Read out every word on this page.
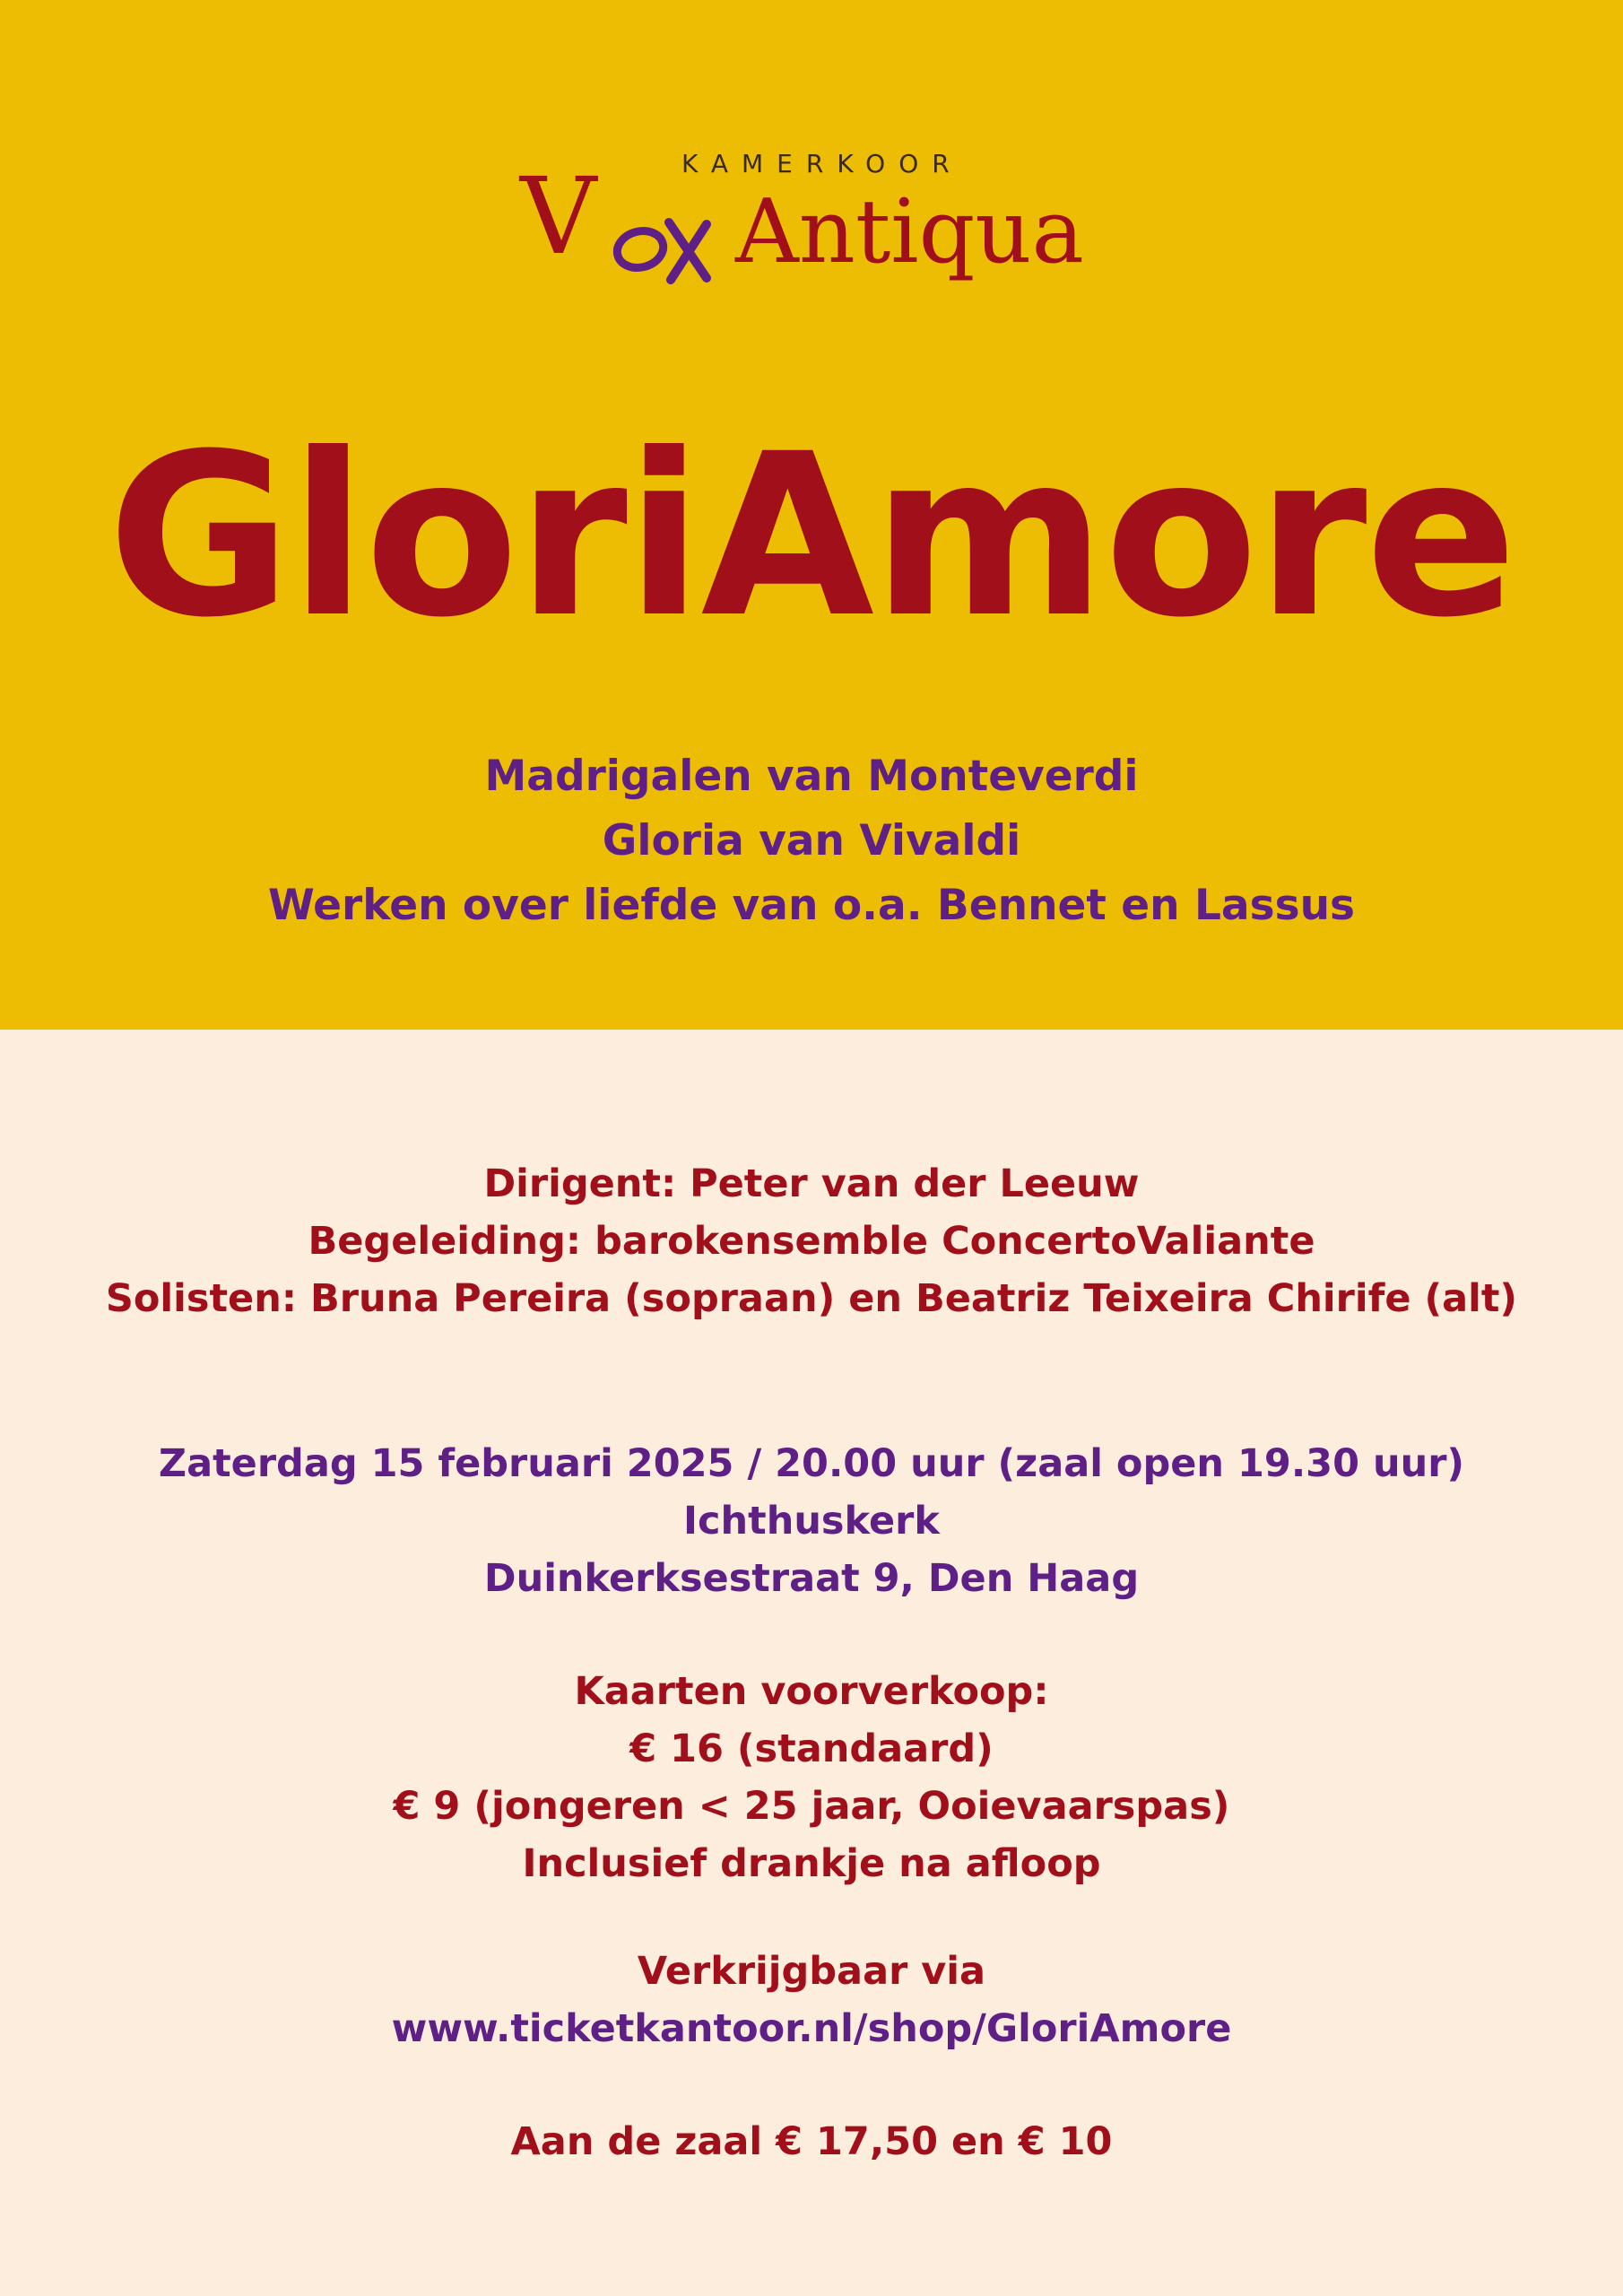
KAMERKOOR
V Antiqua
GloriAmore
Madrigalen van Monteverdi
Gloria van Vivaldi
Werken over liefde van o.a. Bennet en Lassus
Dirigent: Peter van der Leeuw
Begeleiding: barokensemble ConcertoValiante
Solisten: Bruna Pereira (sopraan) en Beatriz Teixeira Chirife (alt)
Zaterdag 15 februari 2025 / 20.00 uur (zaal open 19.30 uur)
Ichthuskerk
Duinkerksestraat 9, Den Haag
Kaarten voorverkoop:
€ 16 (standaard)
€ 9 (jongeren < 25 jaar, Ooievaarspas)
Inclusief drankje na afloop
Verkrijgbaar via
www.ticketkantoor.nl/shop/GloriAmore
Aan de zaal € 17,50 en € 10
